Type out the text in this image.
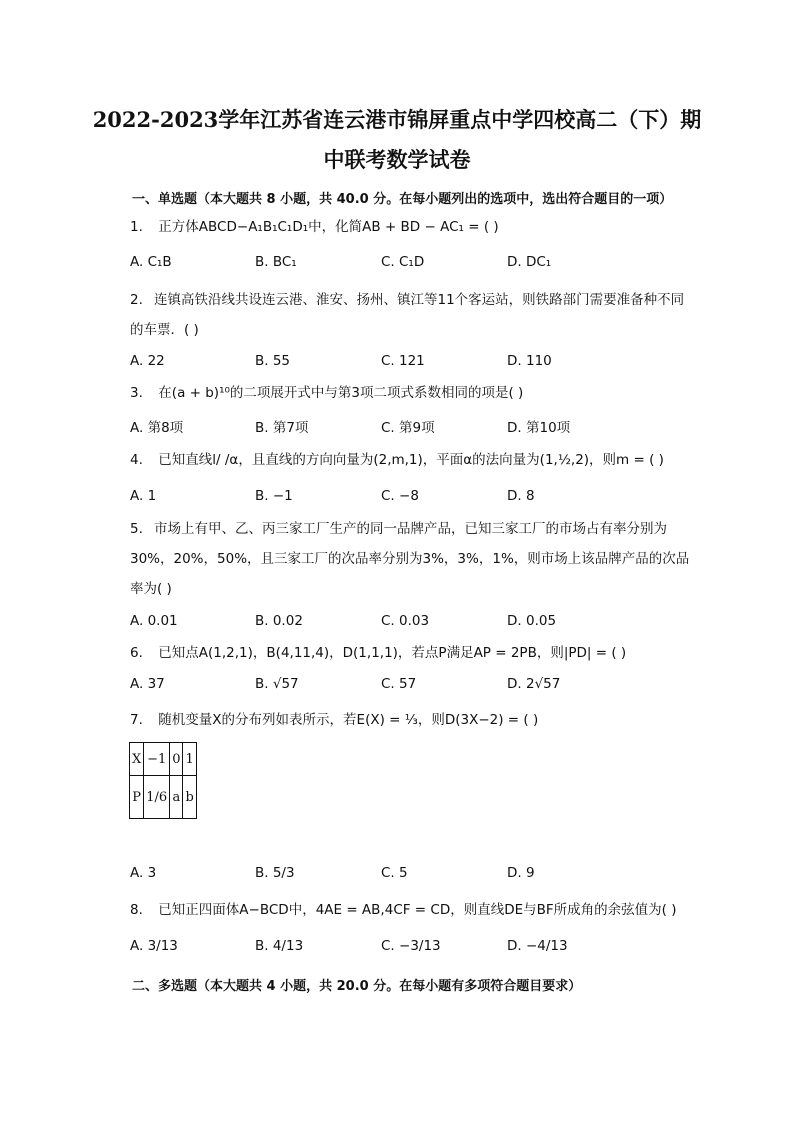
2022-2023学年江苏省连云港市锦屏重点中学四校高二（下）期
中联考数学试卷
一、单选题（本大题共 8 小题，共 40.0 分。在每小题列出的选项中，选出符合题目的一项）
1. 正方体ABCD−A₁B₁C₁D₁中，化简AB + BD − AC₁ = ( )
A. C₁B	B. BC₁	C. C₁D	D. DC₁
2. 连镇高铁沿线共设连云港、淮安、扬州、镇江等11个客运站，则铁路部门需要准备种不同的车票．( )
A. 22	B. 55	C. 121	D. 110
3. 在(a + b)¹⁰的二项展开式中与第3项二项式系数相同的项是( )
A. 第8项	B. 第7项	C. 第9项	D. 第10项
4. 已知直线l/ /α，且直线的方向向量为(2,m,1)，平面α的法向量为(1,½,2)，则m = ( )
A. 1	B. −1	C. −8	D. 8
5. 市场上有甲、乙、丙三家工厂生产的同一品牌产品，已知三家工厂的市场占有率分别为30%，20%，50%，且三家工厂的次品率分别为3%，3%，1%，则市场上该品牌产品的次品率为( )
A. 0.01	B. 0.02	C. 0.03	D. 0.05
6. 已知点A(1,2,1)，B(4,11,4)，D(1,1,1)，若点P满足AP = 2PB，则|PD| = ( )
A. 37	B. √57	C. 57	D. 2√57
7. 随机变量X的分布列如表所示，若E(X) = ⅓，则D(3X−2) = ( )
X	−1	0	1
P	1/6	a	b
A. 3	B. 5/3	C. 5	D. 9
8. 已知正四面体A−BCD中，4AE = AB,4CF = CD，则直线DE与BF所成角的余弦值为( )
A. 3/13	B. 4/13	C. −3/13	D. −4/13
二、多选题（本大题共 4 小题，共 20.0 分。在每小题有多项符合题目要求）
